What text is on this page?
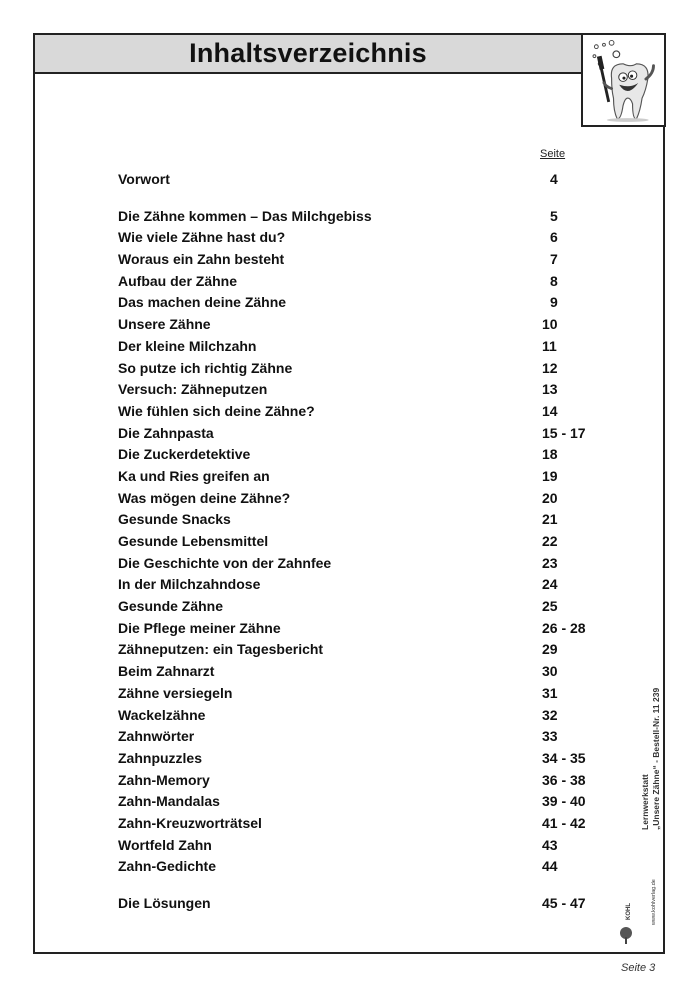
Inhaltsverzeichnis
Seite
Vorwort	4
Die Zähne kommen – Das Milchgebiss	5
Wie viele Zähne hast du?	6
Woraus ein Zahn besteht	7
Aufbau der Zähne	8
Das machen deine Zähne	9
Unsere Zähne	10
Der kleine Milchzahn	11
So putze ich richtig Zähne	12
Versuch: Zähneputzen	13
Wie fühlen sich deine Zähne?	14
Die Zahnpasta	15 - 17
Die Zuckerdetektive	18
Ka und Ries greifen an	19
Was mögen deine Zähne?	20
Gesunde Snacks	21
Gesunde Lebensmittel	22
Die Geschichte von der Zahnfee	23
In der Milchzahndose	24
Gesunde Zähne	25
Die Pflege meiner Zähne	26 - 28
Zähneputzen: ein Tagesbericht	29
Beim Zahnarzt	30
Zähne versiegeln	31
Wackelzähne	32
Zahnwörter	33
Zahnpuzzles	34 - 35
Zahn-Memory	36 - 38
Zahn-Mandalas	39 - 40
Zahn-Kreuzworträtsel	41 - 42
Wortfeld Zahn	43
Zahn-Gedichte	44
Die Lösungen	45 - 47
Lernwerkstatt „Unsere Zähne“ - Bestell-Nr. 11 239
KOHL	www.kohlverlag.de
Seite 3
